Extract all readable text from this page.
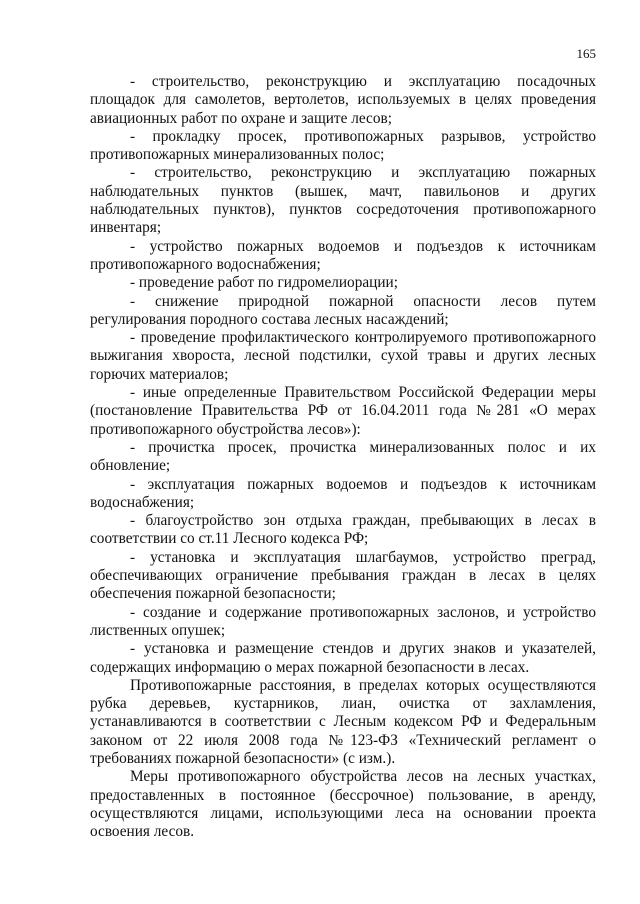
165

- строительство, реконструкцию и эксплуатацию посадочных площадок для самолетов, вертолетов, используемых в целях проведения авиационных работ по охране и защите лесов;

- прокладку просек, противопожарных разрывов, устройство противопожарных минерализованных полос;

- строительство, реконструкцию и эксплуатацию пожарных наблюдательных пунктов (вышек, мачт, павильонов и других наблюдательных пунктов), пунктов сосредоточения противопожарного инвентаря;

- устройство пожарных водоемов и подъездов к источникам противопожарного водоснабжения;

- проведение работ по гидромелиорации;

- снижение природной пожарной опасности лесов путем регулирования породного состава лесных насаждений;

- проведение профилактического контролируемого противопожарного выжигания хвороста, лесной подстилки, сухой травы и других лесных горючих материалов;

- иные определенные Правительством Российской Федерации меры (постановление Правительства РФ от 16.04.2011 года №281 «О мерах противопожарного обустройства лесов»):

- прочистка просек, прочистка минерализованных полос и их обновление;

- эксплуатация пожарных водоемов и подъездов к источникам водоснабжения;

- благоустройство зон отдыха граждан, пребывающих в лесах в соответствии со ст.11 Лесного кодекса РФ;

- установка и эксплуатация шлагбаумов, устройство преград, обеспечивающих ограничение пребывания граждан в лесах в целях обеспечения пожарной безопасности;

- создание и содержание противопожарных заслонов, и устройство лиственных опушек;

- установка и размещение стендов и других знаков и указателей, содержащих информацию о мерах пожарной безопасности в лесах.

Противопожарные расстояния, в пределах которых осуществляются рубка деревьев, кустарников, лиан, очистка от захламления, устанавливаются в соответствии с Лесным кодексом РФ и Федеральным законом от 22 июля 2008 года №123-ФЗ «Технический регламент о требованиях пожарной безопасности» (с изм.).

Меры противопожарного обустройства лесов на лесных участках, предоставленных в постоянное (бессрочное) пользование, в аренду, осуществляются лицами, использующими леса на основании проекта освоения лесов.
